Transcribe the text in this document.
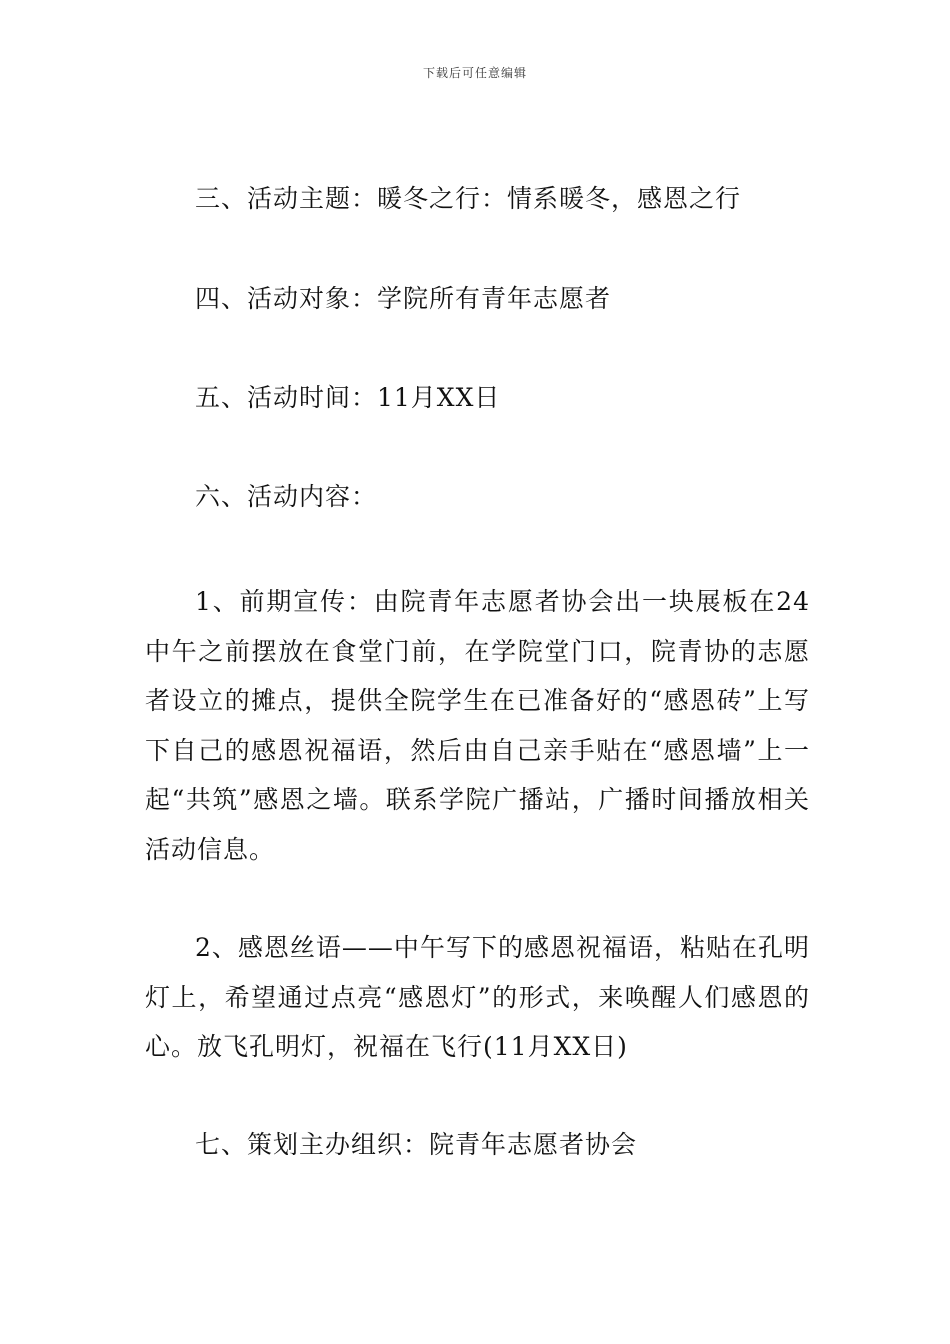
下载后可任意编辑
三、活动主题：暖冬之行：情系暖冬，感恩之行
四、活动对象：学院所有青年志愿者
五、活动时间：11月XX日
六、活动内容：
1、前期宣传：由院青年志愿者协会出一块展板在24中午之前摆放在食堂门前，在学院堂门口，院青协的志愿者设立的摊点，提供全院学生在已准备好的“感恩砖”上写下自己的感恩祝福语，然后由自己亲手贴在“感恩墙”上一起“共筑”感恩之墙。联系学院广播站，广播时间播放相关活动信息。
2、感恩丝语——中午写下的感恩祝福语，粘贴在孔明灯上，希望通过点亮“感恩灯”的形式，来唤醒人们感恩的心。放飞孔明灯，祝福在飞行(11月XX日)
七、策划主办组织：院青年志愿者协会
